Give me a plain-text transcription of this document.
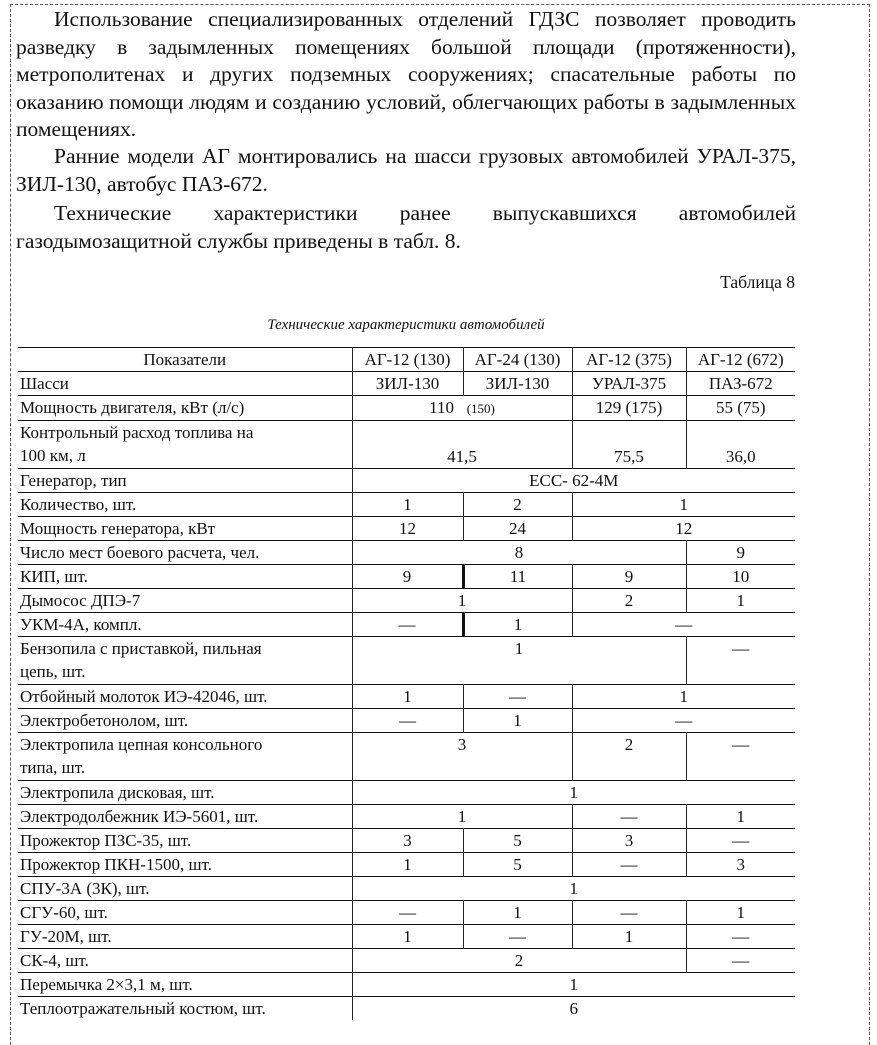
Использование специализированных отделений ГДЗС позволяет проводить разведку в задымленных помещениях большой площади (протяженности), метрополитенах и других подземных сооружениях; спасательные работы по оказанию помощи людям и созданию условий, облегчающих работы в задымленных помещениях.
Ранние модели АГ монтировались на шасси грузовых автомобилей УРАЛ-375, ЗИЛ-130, автобус ПАЗ-672.
Технические характеристики ранее выпускавшихся автомобилей газодымозащитной службы приведены в табл. 8.
Таблица 8
Технические характеристики автомобилей
Показатели	АГ-12 (130)	АГ-24 (130)	АГ-12 (375)	АГ-12 (672)
Шасси	ЗИЛ-130	ЗИЛ-130	УРАЛ-375	ПАЗ-672
Мощность двигателя, кВт (л/с)	110 (150)		129 (175)	55 (75)
Контрольный расход топлива на
100 км, л	41,5		75,5	36,0
Генератор, тип	ЕСС- 62-4М			
Количество, шт.	1	2	1	
Мощность генератора, кВт	12	24	12	
Число мест боевого расчета, чел.	8			9
КИП, шт.	9	11	9	10
Дымосос ДПЭ-7	1		2	1
УКМ-4А, компл.	—	1	—	
Бензопила с приставкой, пильная
цепь, шт.	1			—
Отбойный молоток ИЭ-42046, шт.	1	—	1	
Электробетонолом, шт.	—	1	—	
Электропила цепная консольного
типа, шт.	3		2	—
Электропила дисковая, шт.	1			
Электродолбежник ИЭ-5601, шт.	1		—	1
Прожектор ПЗС-35, шт.	3	5	3	—
Прожектор ПКН-1500, шт.	1	5	—	3
СПУ-3А (3К), шт.	1			
СГУ-60, шт.	—	1	—	1
ГУ-20М, шт.	1	—	1	—
СК-4, шт.	2			—
Перемычка 2×3,1 м, шт.	1			
Теплоотражательный костюм, шт.	6			
